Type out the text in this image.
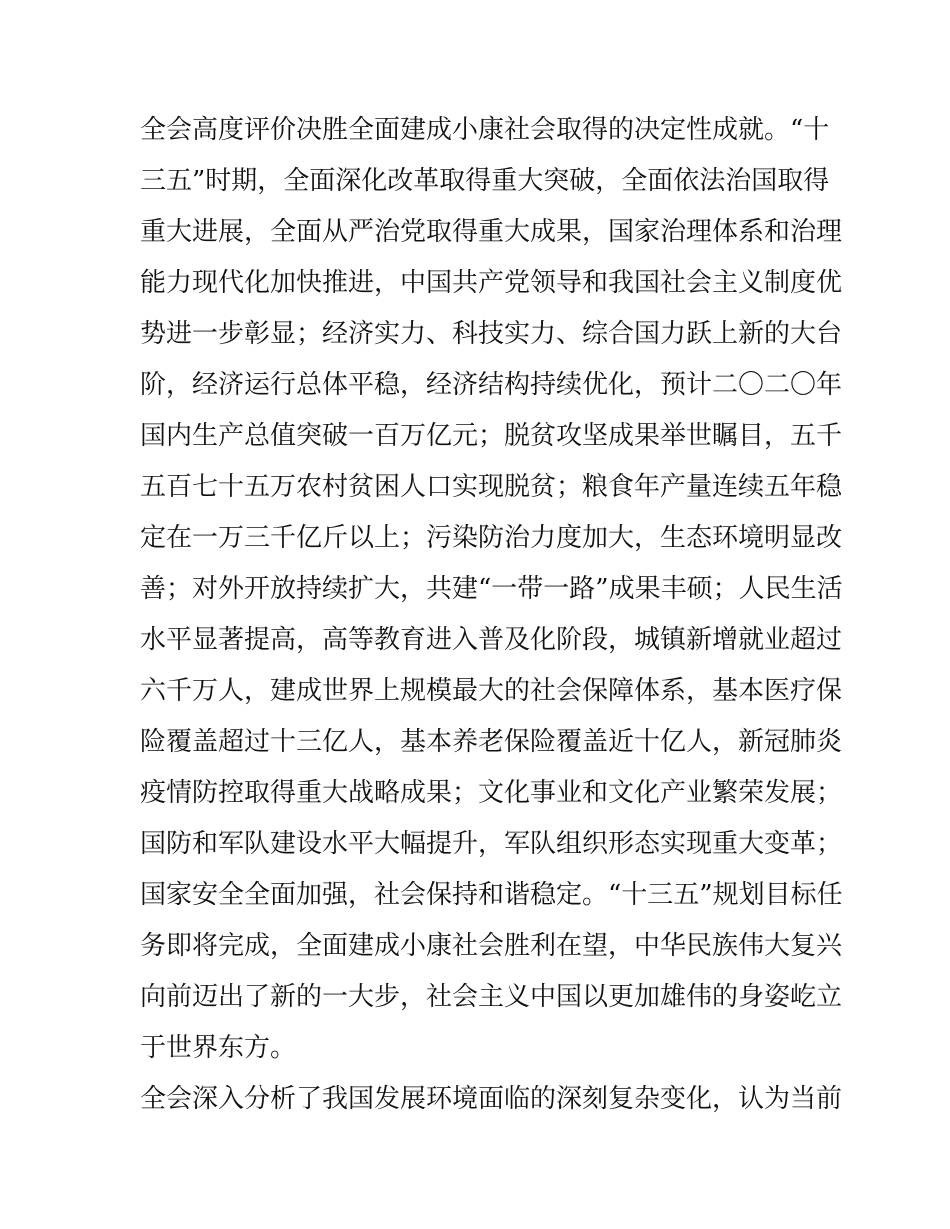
全会高度评价决胜全面建成小康社会取得的决定性成就。“十
三五”时期，全面深化改革取得重大突破，全面依法治国取得
重大进展，全面从严治党取得重大成果，国家治理体系和治理
能力现代化加快推进，中国共产党领导和我国社会主义制度优
势进一步彰显；经济实力、科技实力、综合国力跃上新的大台
阶，经济运行总体平稳，经济结构持续优化，预计二〇二〇年
国内生产总值突破一百万亿元；脱贫攻坚成果举世瞩目，五千
五百七十五万农村贫困人口实现脱贫；粮食年产量连续五年稳
定在一万三千亿斤以上；污染防治力度加大，生态环境明显改
善；对外开放持续扩大，共建“一带一路”成果丰硕；人民生活
水平显著提高，高等教育进入普及化阶段，城镇新增就业超过
六千万人，建成世界上规模最大的社会保障体系，基本医疗保
险覆盖超过十三亿人，基本养老保险覆盖近十亿人，新冠肺炎
疫情防控取得重大战略成果；文化事业和文化产业繁荣发展；
国防和军队建设水平大幅提升，军队组织形态实现重大变革；
国家安全全面加强，社会保持和谐稳定。“十三五”规划目标任
务即将完成，全面建成小康社会胜利在望，中华民族伟大复兴
向前迈出了新的一大步，社会主义中国以更加雄伟的身姿屹立
于世界东方。
全会深入分析了我国发展环境面临的深刻复杂变化，认为当前
